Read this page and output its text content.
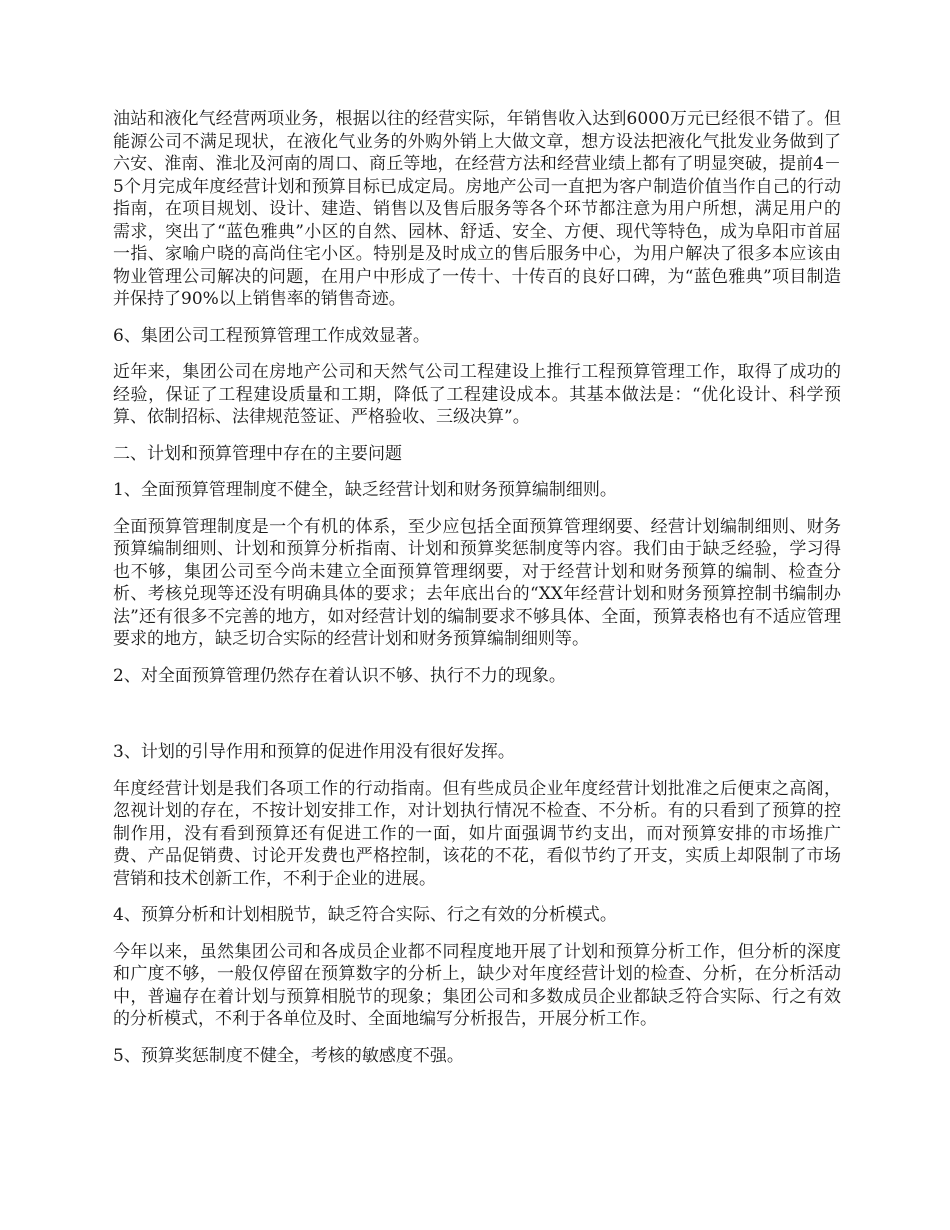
油站和液化气经营两项业务，根据以往的经营实际，年销售收入达到6000万元已经很不错了。但能源公司不满足现状，在液化气业务的外购外销上大做文章，想方设法把液化气批发业务做到了六安、淮南、淮北及河南的周口、商丘等地，在经营方法和经营业绩上都有了明显突破，提前4－5个月完成年度经营计划和预算目标已成定局。房地产公司一直把为客户制造价值当作自己的行动指南，在项目规划、设计、建造、销售以及售后服务等各个环节都注意为用户所想，满足用户的需求，突出了“蓝色雅典”小区的自然、园林、舒适、安全、方便、现代等特色，成为阜阳市首屈一指、家喻户晓的高尚住宅小区。特别是及时成立的售后服务中心，为用户解决了很多本应该由物业管理公司解决的问题，在用户中形成了一传十、十传百的良好口碑，为“蓝色雅典”项目制造并保持了90%以上销售率的销售奇迹。

6、集团公司工程预算管理工作成效显著。

近年来，集团公司在房地产公司和天然气公司工程建设上推行工程预算管理工作，取得了成功的经验，保证了工程建设质量和工期，降低了工程建设成本。其基本做法是：“优化设计、科学预算、依制招标、法律规范签证、严格验收、三级决算”。

二、计划和预算管理中存在的主要问题

1、全面预算管理制度不健全，缺乏经营计划和财务预算编制细则。

全面预算管理制度是一个有机的体系，至少应包括全面预算管理纲要、经营计划编制细则、财务预算编制细则、计划和预算分析指南、计划和预算奖惩制度等内容。我们由于缺乏经验，学习得也不够，集团公司至今尚未建立全面预算管理纲要，对于经营计划和财务预算的编制、检查分析、考核兑现等还没有明确具体的要求；去年底出台的“XX年经营计划和财务预算控制书编制办法”还有很多不完善的地方，如对经营计划的编制要求不够具体、全面，预算表格也有不适应管理要求的地方，缺乏切合实际的经营计划和财务预算编制细则等。

2、对全面预算管理仍然存在着认识不够、执行不力的现象。

3、计划的引导作用和预算的促进作用没有很好发挥。

年度经营计划是我们各项工作的行动指南。但有些成员企业年度经营计划批准之后便束之高阁，忽视计划的存在，不按计划安排工作，对计划执行情况不检查、不分析。有的只看到了预算的控制作用，没有看到预算还有促进工作的一面，如片面强调节约支出，而对预算安排的市场推广费、产品促销费、讨论开发费也严格控制，该花的不花，看似节约了开支，实质上却限制了市场营销和技术创新工作，不利于企业的进展。

4、预算分析和计划相脱节，缺乏符合实际、行之有效的分析模式。

今年以来，虽然集团公司和各成员企业都不同程度地开展了计划和预算分析工作，但分析的深度和广度不够，一般仅停留在预算数字的分析上，缺少对年度经营计划的检查、分析，在分析活动中，普遍存在着计划与预算相脱节的现象；集团公司和多数成员企业都缺乏符合实际、行之有效的分析模式，不利于各单位及时、全面地编写分析报告，开展分析工作。

5、预算奖惩制度不健全，考核的敏感度不强。
